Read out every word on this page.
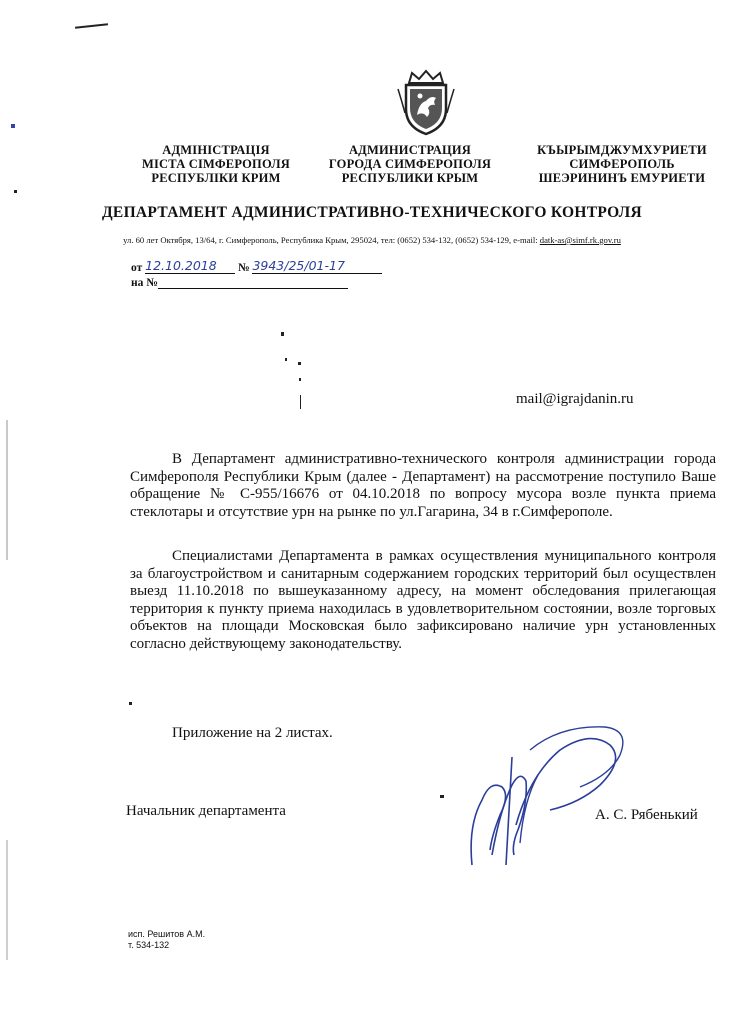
АДМІНІСТРАЦІЯ
МІСТА СІМФЕРОПОЛЯ
РЕСПУБЛІКИ КРИМ
АДМИНИСТРАЦИЯ
ГОРОДА СИМФЕРОПОЛЯ
РЕСПУБЛИКИ КРЫМ
КЪЫРЫМДЖУМХУРИЕТИ
СИМФЕРОПОЛЬ
ШЕЭРИНИНЪ ЕМУРИЕТИ
ДЕПАРТАМЕНТ АДМИНИСТРАТИВНО-ТЕХНИЧЕСКОГО КОНТРОЛЯ
ул. 60 лет Октября, 13/64, г. Симферополь, Республика Крым, 295024, тел: (0652) 534-132, (0652) 534-129, e-mail: datk-as@simf.rk.gov.ru
от 12.10.2018 № 3943/25/01-17
на №
mail@igrajdanin.ru
В Департамент административно-технического контроля администрации города Симферополя Республики Крым (далее - Департамент) на рассмотрение поступило Ваше обращение № С-955/16676 от 04.10.2018 по вопросу мусора возле пункта приема стеклотары и отсутствие урн на рынке по ул.Гагарина, 34 в г.Симферополе.
Специалистами Департамента в рамках осуществления муниципального контроля за благоустройством и санитарным содержанием городских территорий был осуществлен выезд 11.10.2018 по вышеуказанному адресу, на момент обследования прилегающая территория к пункту приема находилась в удовлетворительном состоянии, возле торговых объектов на площади Московская было зафиксировано наличие урн установленных согласно действующему законодательству.
Приложение на 2 листах.
Начальник департамента	А. С. Рябенький
исп. Решитов А.М.
т. 534-132
